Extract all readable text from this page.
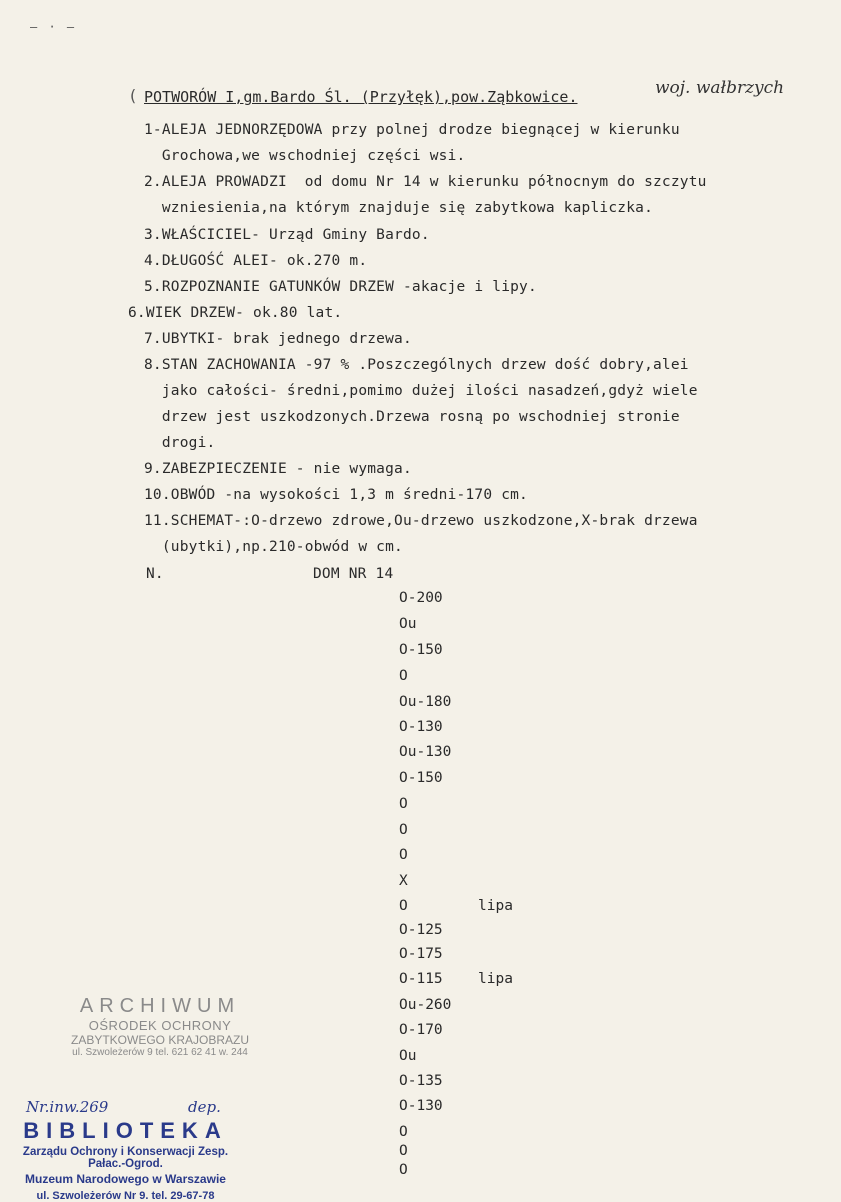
— · —
( POTWORÓW I,gm.Bardo Śl. (Przyłęk),pow.Ząbkowice.	woj. wałbrzych
1-ALEJA JEDNORZĘDOWA przy polnej drodze biegnącej w kierunku
Grochowa,we wschodniej części wsi.
2.ALEJA PROWADZI  od domu Nr 14 w kierunku północnym do szczytu
wzniesienia,na którym znajduje się zabytkowa kapliczka.
3.WŁAŚCICIEL- Urząd Gminy Bardo.
4.DŁUGOŚĆ ALEI- ok.270 m.
5.ROZPOZNANIE GATUNKÓW DRZEW -akacje i lipy.
6.WIEK DRZEW- ok.80 lat.
7.UBYTKI- brak jednego drzewa.
8.STAN ZACHOWANIA -97 % .Poszczególnych drzew dość dobry,alei
jako całości- średni,pomimo dużej ilości nasadzeń,gdyż wiele
drzew jest uszkodzonych.Drzewa rosną po wschodniej stronie
drogi.
9.ZABEZPIECZENIE - nie wymaga.
10.OBWÓD -na wysokości 1,3 m średni-170 cm.
11.SCHEMAT-:O-drzewo zdrowe,Ou-drzewo uszkodzone,X-brak drzewa
(ubytki),np.210-obwód w cm.
N.	DOM NR 14
O-200
Ou
O-150
O
Ou-180
O-130
Ou-130
O-150
O
O
O
X
O	lipa
O-125
O-175
O-115 lipa
Ou-260
O-170
Ou
O-135
O-130
O
O
O
ARCHIWUM
OŚRODEK OCHRONY
ZABYTKOWEGO KRAJOBRAZU
ul. Szwoleżerów 9 tel. 621 62 41 w. 244
Nr.inw.269	dep.
BIBLIOTEKA
Zarządu Ochrony i Konserwacji Zesp. Pałac.-Ogrod.
Muzeum Narodowego w Warszawie
ul. Szwoleżerów Nr 9. tel. 29-67-78
